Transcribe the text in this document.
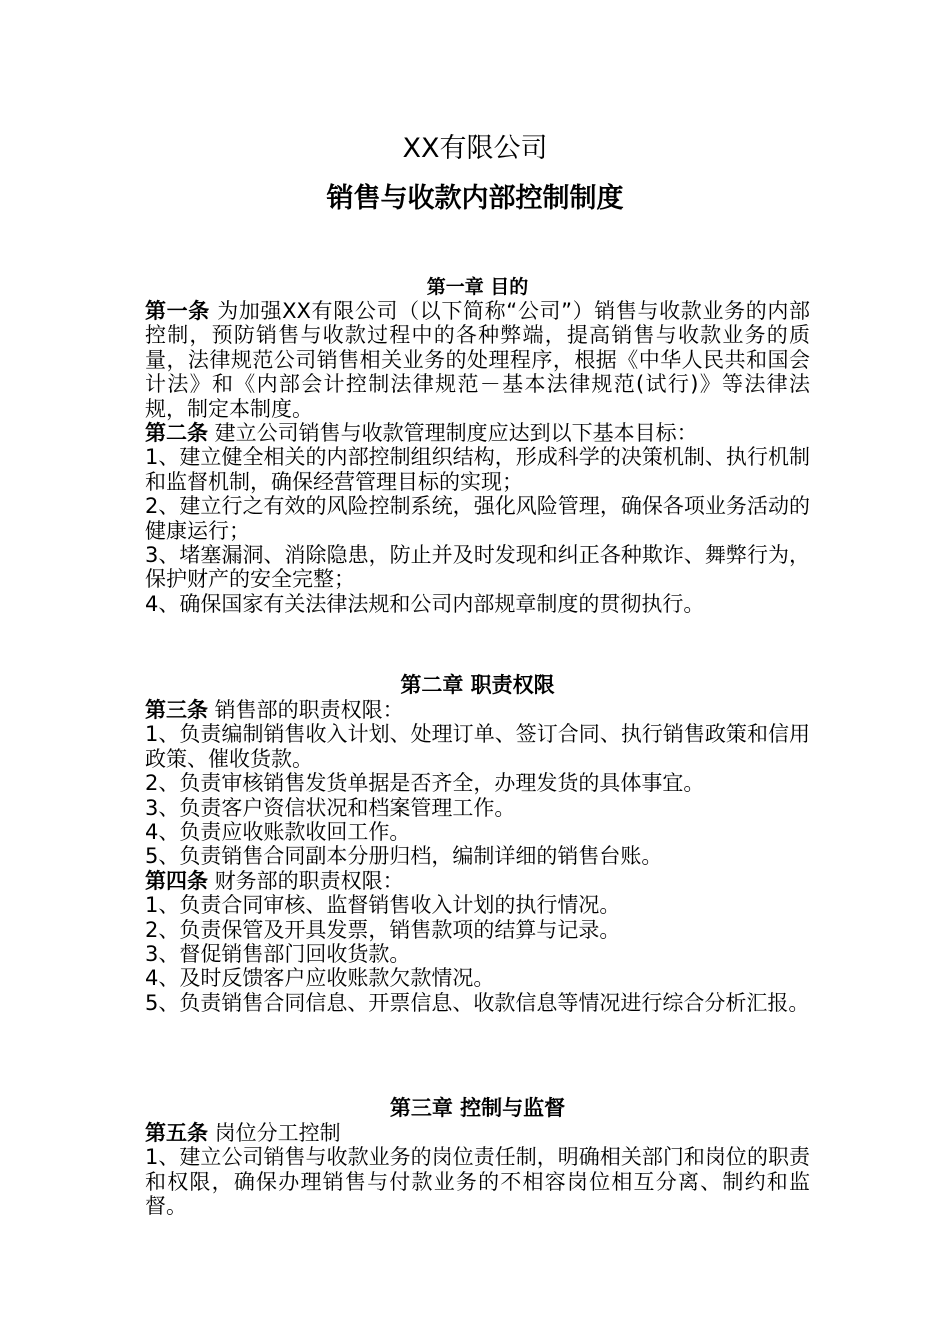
XX有限公司
销售与收款内部控制制度

第一章 目的

第一条 为加强XX有限公司（以下简称“公司”）销售与收款业务的内部控制，预防销售与收款过程中的各种弊端，提高销售与收款业务的质量，法律规范公司销售相关业务的处理程序，根据《中华人民共和国会计法》和《内部会计控制法律规范－基本法律规范(试行)》等法律法规，制定本制度。

第二条 建立公司销售与收款管理制度应达到以下基本目标：

1、建立健全相关的内部控制组织结构，形成科学的决策机制、执行机制和监督机制，确保经营管理目标的实现；

2、建立行之有效的风险控制系统，强化风险管理，确保各项业务活动的健康运行；

3、堵塞漏洞、消除隐患，防止并及时发现和纠正各种欺诈、舞弊行为，保护财产的安全完整；

4、确保国家有关法律法规和公司内部规章制度的贯彻执行。

第二章 职责权限

第三条 销售部的职责权限：

1、负责编制销售收入计划、处理订单、签订合同、执行销售政策和信用政策、催收货款。

2、负责审核销售发货单据是否齐全，办理发货的具体事宜。

3、负责客户资信状况和档案管理工作。

4、负责应收账款收回工作。

5、负责销售合同副本分册归档，编制详细的销售台账。

第四条 财务部的职责权限：

1、负责合同审核、监督销售收入计划的执行情况。

2、负责保管及开具发票，销售款项的结算与记录。

3、督促销售部门回收货款。

4、及时反馈客户应收账款欠款情况。

5、负责销售合同信息、开票信息、收款信息等情况进行综合分析汇报。

第三章 控制与监督

第五条 岗位分工控制

1、建立公司销售与收款业务的岗位责任制，明确相关部门和岗位的职责和权限，确保办理销售与付款业务的不相容岗位相互分离、制约和监督。
